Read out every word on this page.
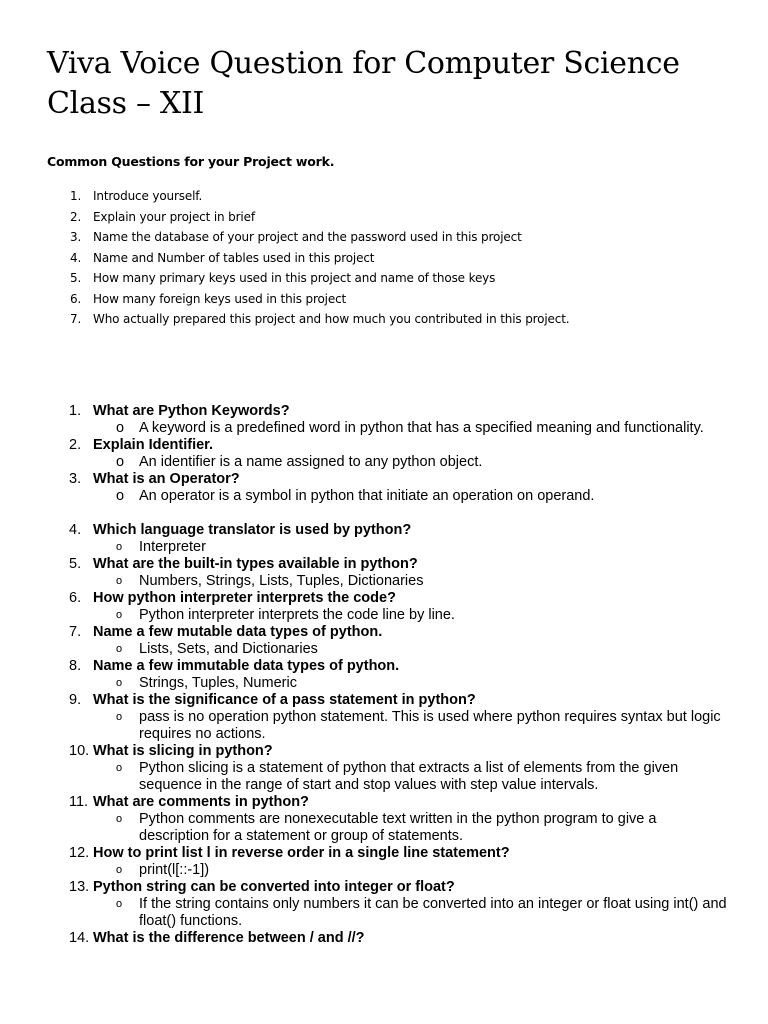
Viva Voice Question for Computer Science Class – XII

Common Questions for your Project work.

1. Introduce yourself.
2. Explain your project in brief
3. Name the database of your project and the password used in this project
4. Name and Number of tables used in this project
5. How many primary keys used in this project and name of those keys
6. How many foreign keys used in this project
7. Who actually prepared this project and how much you contributed in this project.
1. What are Python Keywords?
o A keyword is a predefined word in python that has a specified meaning and functionality.
2. Explain Identifier.
o An identifier is a name assigned to any python object.
3. What is an Operator?
o An operator is a symbol in python that initiate an operation on operand.
4. Which language translator is used by python?
o Interpreter
5. What are the built-in types available in python?
o Numbers, Strings, Lists, Tuples, Dictionaries
6. How python interpreter interprets the code?
o Python interpreter interprets the code line by line.
7. Name a few mutable data types of python.
o Lists, Sets, and Dictionaries
8. Name a few immutable data types of python.
o Strings, Tuples, Numeric
9. What is the significance of a pass statement in python?
o pass is no operation python statement. This is used where python requires syntax but logic requires no actions.
10. What is slicing in python?
o Python slicing is a statement of python that extracts a list of elements from the given sequence in the range of start and stop values with step value intervals.
11. What are comments in python?
o Python comments are nonexecutable text written in the python program to give a description for a statement or group of statements.
12. How to print list l in reverse order in a single line statement?
o print(l[::-1])
13. Python string can be converted into integer or float?
o If the string contains only numbers it can be converted into an integer or float using int() and float() functions.
14. What is the difference between / and //?
